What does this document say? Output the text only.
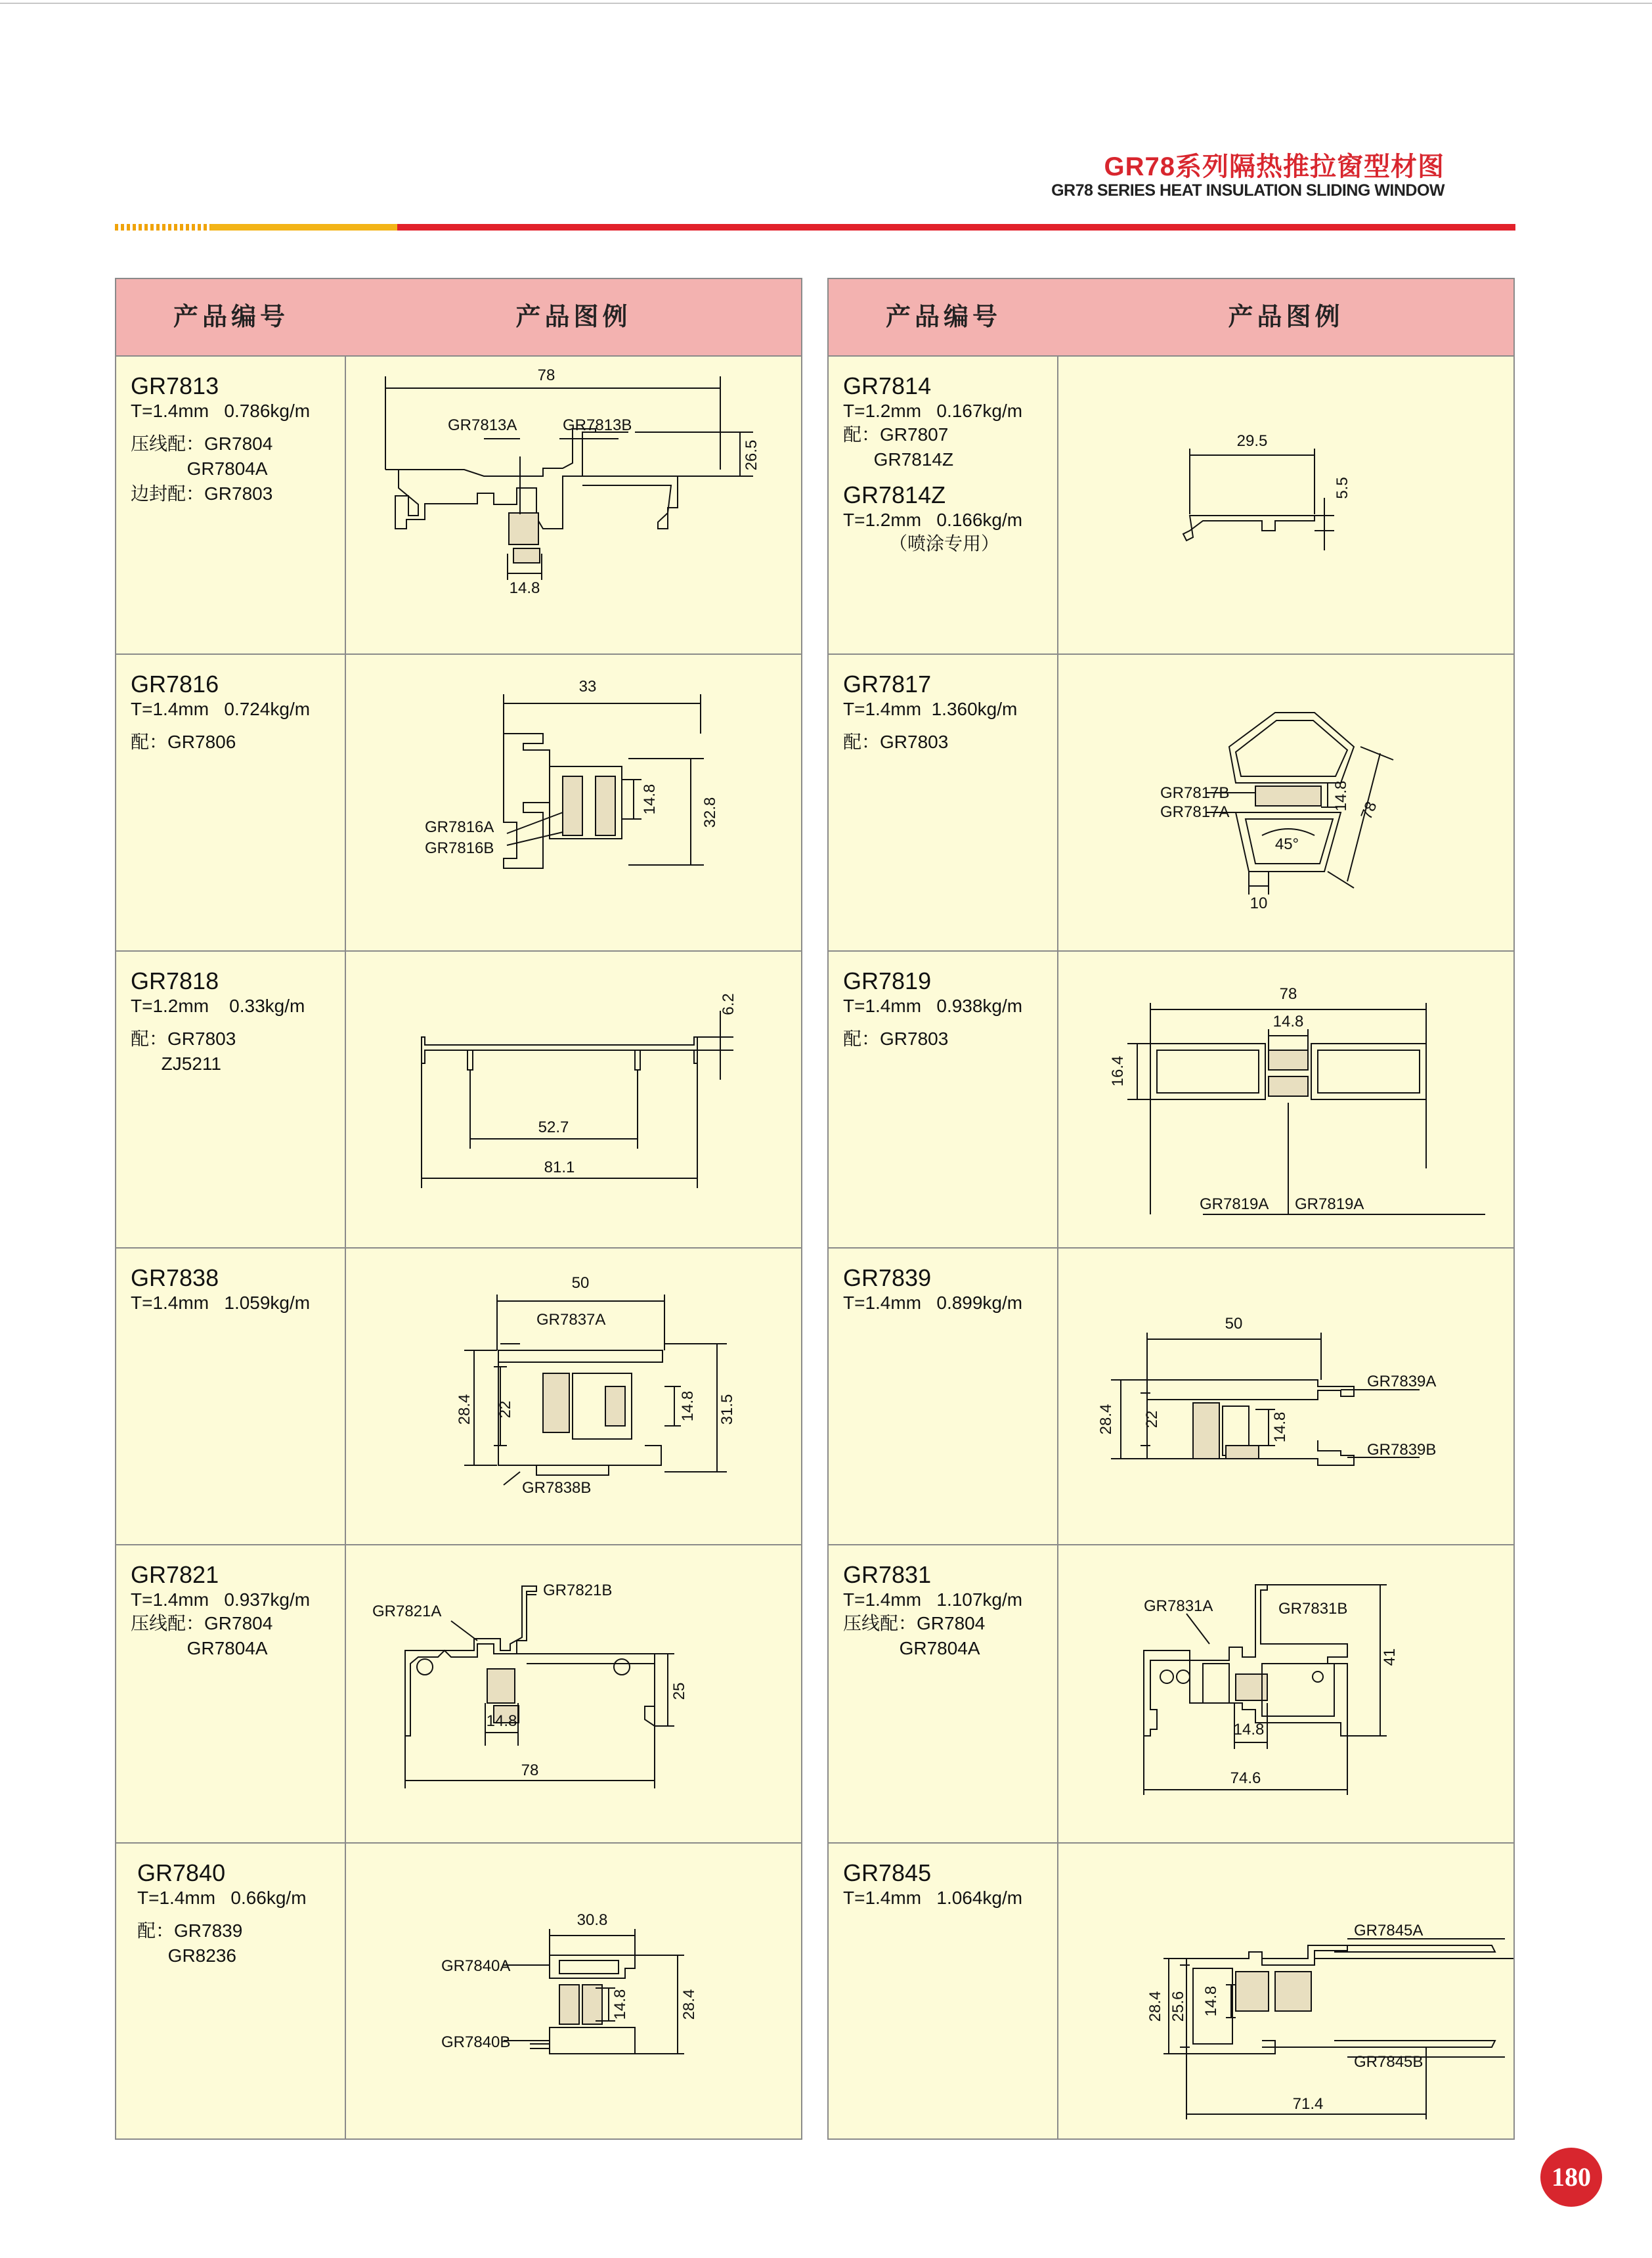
GR78系列隔热推拉窗型材图
GR78 SERIES HEAT INSULATION SLIDING WINDOW
产品编号	产品图例
GR7813
T=1.4mm   0.786kg/m
压线配：GR7804
GR7804A
边封配：GR7803
78
GR7813A	GR7813B
26.5
14.8
GR7816
T=1.4mm   0.724kg/m
配：GR7806
33
GR7816A
GR7816B
14.8	32.8
GR7818
T=1.2mm    0.33kg/m
配：GR7803
ZJ5211
6.2
52.7
81.1
GR7838
T=1.4mm   1.059kg/m
50
GR7837A
28.4 22	14.8 31.5
GR7838B
GR7821
T=1.4mm   0.937kg/m
压线配：GR7804
GR7804A
GR7821A
GR7821B
25
14.8
78
GR7840
T=1.4mm   0.66kg/m
配：GR7839
GR8236
30.8
GR7840A
14.8	28.4
GR7840B
产品编号	产品图例
GR7814
T=1.2mm   0.167kg/m
配：GR7807
GR7814Z
GR7814Z
T=1.2mm   0.166kg/m
（喷涂专用）
29.5
5.5
GR7817
T=1.4mm  1.360kg/m
配：GR7803
GR7817B
GR7817A
14.8 78
45°
10
GR7819
T=1.4mm   0.938kg/m
配：GR7803
78
14.8
16.4
GR7819A GR7819A
GR7839
T=1.4mm   0.899kg/m
50
GR7839A
28.4 22	14.8
GR7839B
GR7831
T=1.4mm   1.107kg/m
压线配：GR7804
GR7804A
GR7831A	GR7831B
41
14.8
74.6
GR7845
T=1.4mm   1.064kg/m
GR7845A
28.4 25.6 14.8
GR7845B
71.4
180
